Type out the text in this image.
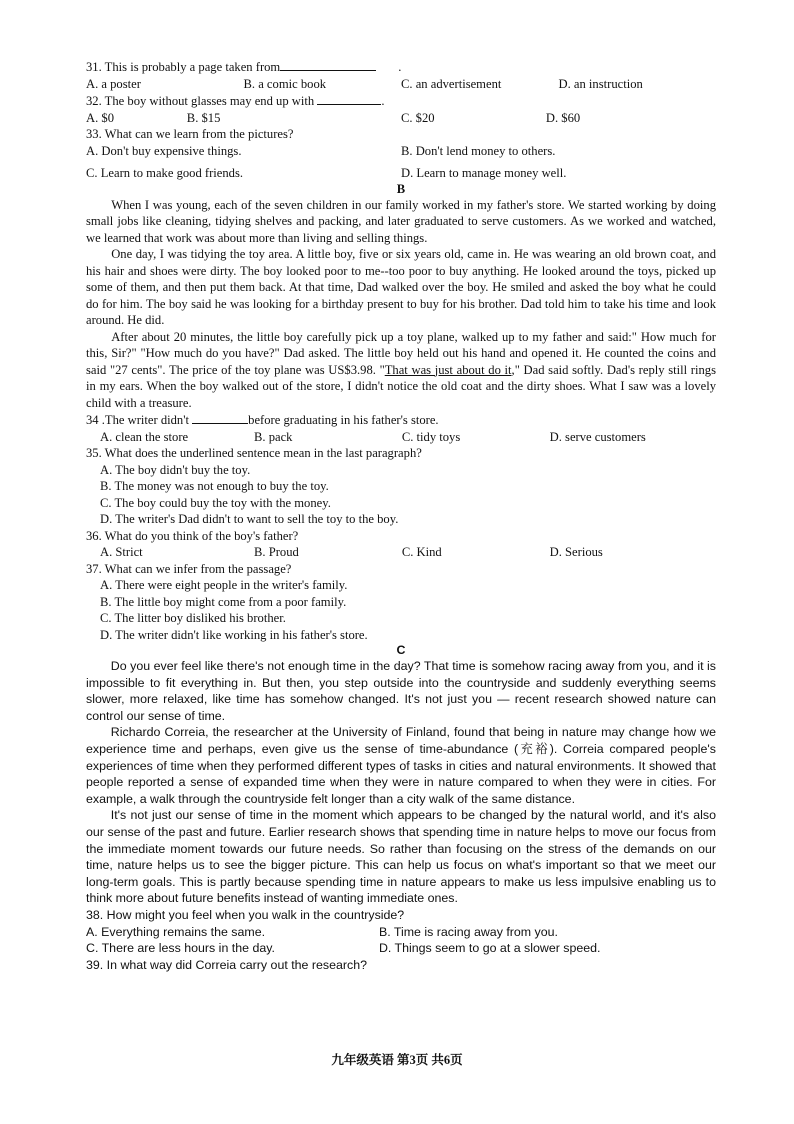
31. This is probably a page taken from	.

A. a poster	B. a comic book	C. an advertisement	D. an instruction

32. The boy without glasses may end up with	.

A. $0	B. $15	C. $20	D. $60

33. What can we learn from the pictures?

A. Don't buy expensive things.	B. Don't lend money to others.
C. Learn to make good friends.	D. Learn to manage money well.

B

When I was young, each of the seven children in our family worked in my father's store. We started working by doing small jobs like cleaning, tidying shelves and packing, and later graduated to serve customers. As we worked and watched, we learned that work was about more than living and selling things.

One day, I was tidying the toy area. A little boy, five or six years old, came in. He was wearing an old brown coat, and his hair and shoes were dirty. The boy looked poor to me--too poor to buy anything. He looked around the toys, picked up some of them, and then put them back. At that time, Dad walked over the boy. He smiled and asked the boy what he could do for him. The boy said he was looking for a birthday present to buy for his brother. Dad told him to take his time and look around. He did.

After about 20 minutes, the little boy carefully pick up a toy plane, walked up to my father and said:" How much for this, Sir?" "How much do you have?" Dad asked. The little boy held out his hand and opened it. He counted the coins and said "27 cents". The price of the toy plane was US$3.98. "That was just about do it," Dad said softly. Dad's reply still rings in my ears. When the boy walked out of the store, I didn't notice the old coat and the dirty shoes. What I saw was a lovely child with a treasure.

34 .The writer didn't	before graduating in his father's store.

A. clean the store	B. pack	C. tidy toys	D. serve customers

35. What does the underlined sentence mean in the last paragraph?

A. The boy didn't buy the toy.

B. The money was not enough to buy the toy.

C. The boy could buy the toy with the money.

D. The writer's Dad didn't to want to sell the toy to the boy.

36. What do you think of the boy's father?

A. Strict	B. Proud	C. Kind	D. Serious

37. What can we infer from the passage?

A. There were eight people in the writer's family.

B. The little boy might come from a poor family.

C. The litter boy disliked his brother.

D. The writer didn't like working in his father's store.

C

Do you ever feel like there's not enough time in the day? That time is somehow racing away from you, and it is impossible to fit everything in. But then, you step outside into the countryside and suddenly everything seems slower, more relaxed, like time has somehow changed. It's not just you — recent research showed nature can control our sense of time.

Richardo Correia, the researcher at the University of Finland, found that being in nature may change how we experience time and perhaps, even give us the sense of time-abundance (充裕). Correia compared people's experiences of time when they performed different types of tasks in cities and natural environments. It showed that people reported a sense of expanded time when they were in nature compared to when they were in cities. For example, a walk through the countryside felt longer than a city walk of the same distance.

It's not just our sense of time in the moment which appears to be changed by the natural world, and it's also our sense of the past and future. Earlier research shows that spending time in nature helps to move our focus from the immediate moment towards our future needs. So rather than focusing on the stress of the demands on our time, nature helps us to see the bigger picture. This can help us focus on what's important so that we meet our long-term goals. This is partly because spending time in nature appears to make us less impulsive enabling us to think more about future benefits instead of wanting immediate ones.

38. How might you feel when you walk in the countryside?

A. Everything remains the same.	B. Time is racing away from you.
C. There are less hours in the day.	D. Things seem to go at a slower speed.

39. In what way did Correia carry out the research?

九年级英语 第3页 共6页
